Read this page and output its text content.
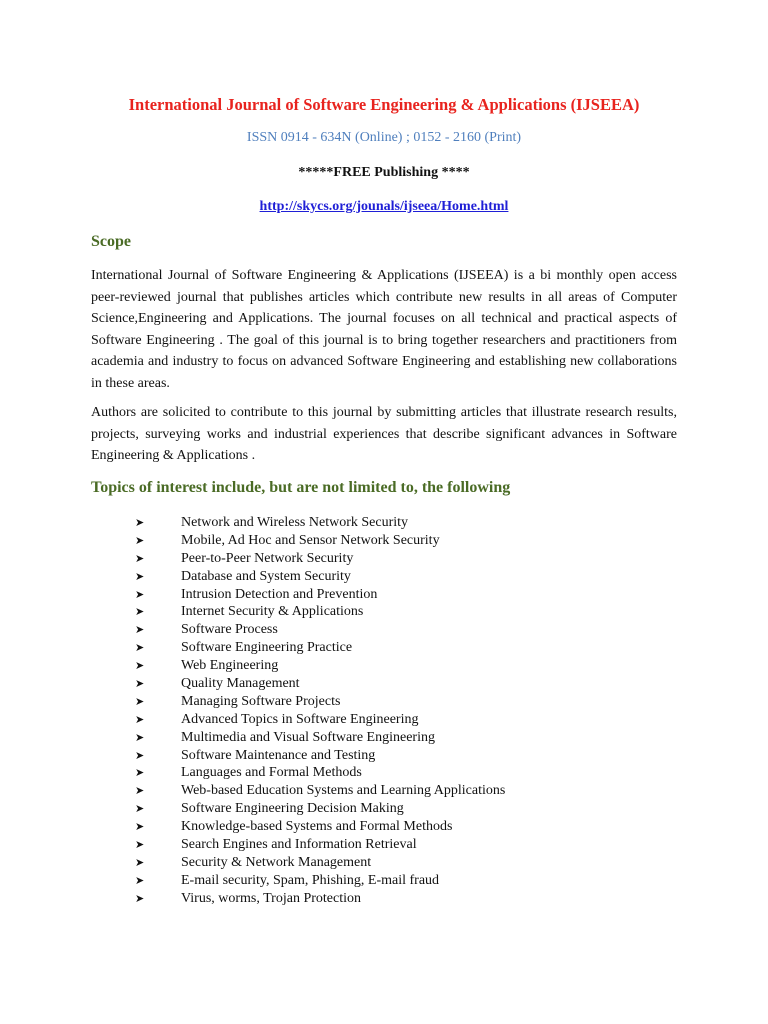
International Journal of Software Engineering & Applications (IJSEEA)
ISSN 0914 - 634N (Online) ; 0152 - 2160 (Print)
*****FREE Publishing ****
http://skycs.org/jounals/ijseea/Home.html
Scope

International Journal of Software Engineering & Applications (IJSEEA) is a bi monthly open access peer-reviewed journal that publishes articles which contribute new results in all areas of Computer Science,Engineering and Applications. The journal focuses on all technical and practical aspects of Software Engineering . The goal of this journal is to bring together researchers and practitioners from academia and industry to focus on advanced Software Engineering and establishing new collaborations in these areas.

Authors are solicited to contribute to this journal by submitting articles that illustrate research results, projects, surveying works and industrial experiences that describe significant advances in Software Engineering & Applications .

Topics of interest include, but are not limited to, the following
➤	Network and Wireless Network Security
➤	Mobile, Ad Hoc and Sensor Network Security
➤	Peer-to-Peer Network Security
➤	Database and System Security
➤	Intrusion Detection and Prevention
➤	Internet Security & Applications
➤	Software Process
➤	Software Engineering Practice
➤	Web Engineering
➤	Quality Management
➤	Managing Software Projects
➤	Advanced Topics in Software Engineering
➤	Multimedia and Visual Software Engineering
➤	Software Maintenance and Testing
➤	Languages and Formal Methods
➤	Web-based Education Systems and Learning Applications
➤	Software Engineering Decision Making
➤	Knowledge-based Systems and Formal Methods
➤	Search Engines and Information Retrieval
➤	Security & Network Management
➤	E-mail security, Spam, Phishing, E-mail fraud
➤	Virus, worms, Trojan Protection
